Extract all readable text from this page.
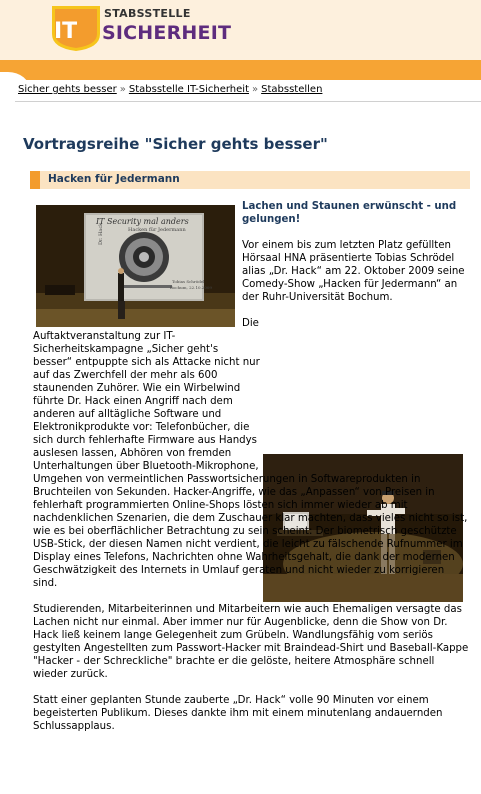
STABSSTELLE
IT SICHERHEIT
Sicher gehts besser » Stabsstelle IT-Sicherheit » Stabsstellen
Vortragsreihe "Sicher gehts besser"
Hacken für Jedermann
IT Security mal anders
Hacken für Jedermann
Dr. Hack
Tobias Schrödel
Bochum, 22.10.2009
Lachen und Staunen erwünscht - und gelungen!

Vor einem bis zum letzten Platz gefüllten Hörsaal HNA präsentierte Tobias Schrödel alias „Dr. Hack“ am 22. Oktober 2009 seine Comedy-Show „Hacken für Jedermann“ an der Ruhr-Universität Bochum.

Die Auftaktveranstaltung zur IT-Sicherheitskampagne „Sicher geht's besser“ entpuppte sich als Attacke nicht nur auf das Zwerchfell der mehr als 600 staunenden Zuhörer. Wie ein Wirbelwind führte Dr. Hack einen Angriff nach dem anderen auf alltägliche Software und Elektronikprodukte vor: Telefonbücher, die sich durch fehlerhafte Firmware aus Handys auslesen lassen, Abhören von fremden Unterhaltungen über Bluetooth-Mikrophone, Umgehen von vermeintlichen Passwortsicherungen in Softwareprodukten in Bruchteilen von Sekunden. Hacker-Angriffe, wie das „Anpassen“ von Preisen in fehlerhaft programmierten Online-Shops lösten sich immer wieder ab mit nachdenklichen Szenarien, die dem Zuschauer klar machten, dass vieles nicht so ist, wie es bei oberflächlicher Betrachtung zu sein scheint: Der biometrisch geschützte USB-Stick, der diesen Namen nicht verdient, die leicht zu fälschende Rufnummer im Display eines Telefons, Nachrichten ohne Wahrheitsgehalt, die dank der modernen Geschwätzigkeit des Internets in Umlauf geraten und nicht wieder zu korrigieren sind.

Studierenden, Mitarbeiterinnen und Mitarbeitern wie auch Ehemaligen versagte das Lachen nicht nur einmal. Aber immer nur für Augenblicke, denn die Show von Dr. Hack ließ keinem lange Gelegenheit zum Grübeln. Wandlungsfähig vom seriös gestylten Angestellten zum Passwort-Hacker mit Braindead-Shirt und Baseball-Kappe "Hacker - der Schreckliche" brachte er die gelöste, heitere Atmosphäre schnell wieder zurück.

Statt einer geplanten Stunde zauberte „Dr. Hack“ volle 90 Minuten vor einem begeisterten Publikum. Dieses dankte ihm mit einem minutenlang andauernden Schlussapplaus.
